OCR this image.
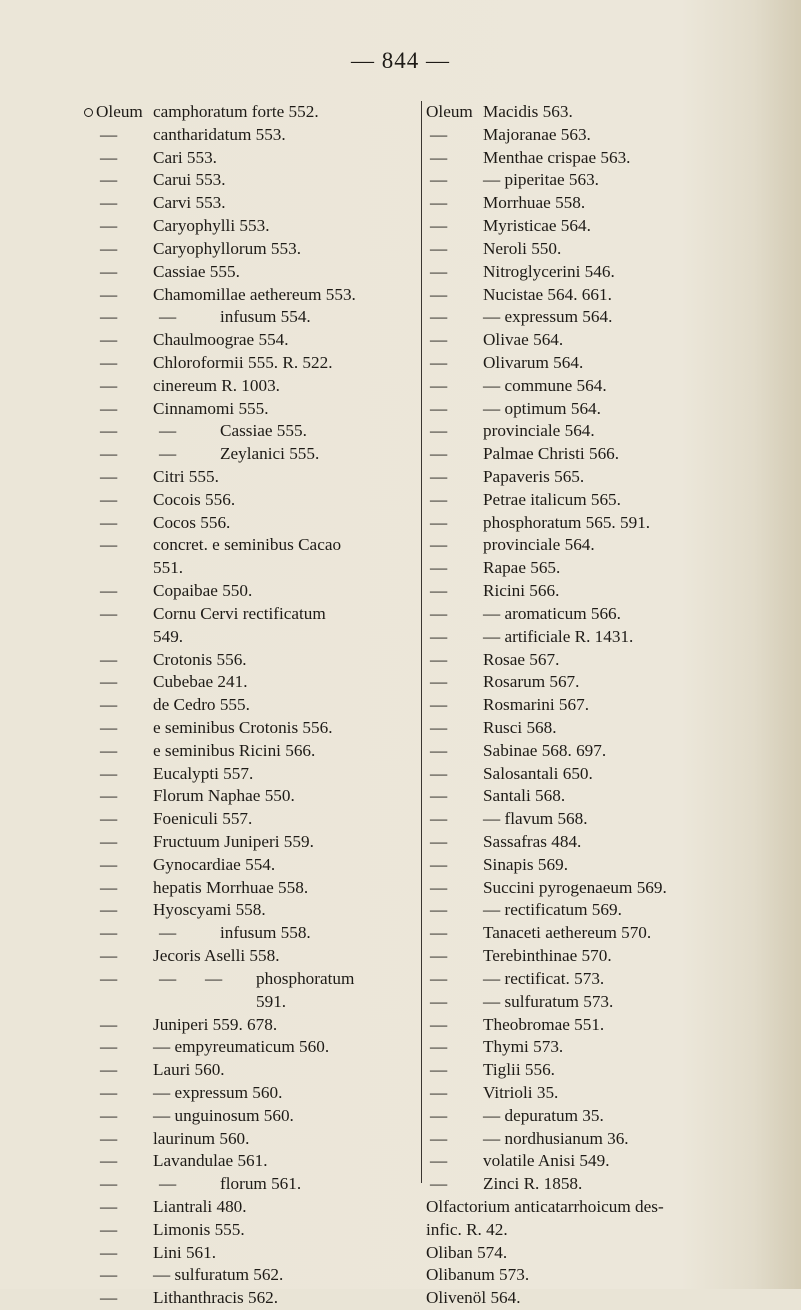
— 844 —
Oleum camphoratum forte 552.
— cantharidatum 553.
— Cari 553.
— Carui 553.
— Carvi 553.
— Caryophylli 553.
— Caryophyllorum 553.
— Cassiae 555.
— Chamomillae aethereum 553.
— —	infusum 554.
— Chaulmoograe 554.
— Chloroformii 555. R. 522.
— cinereum R. 1003.
— Cinnamomi 555.
— —	Cassiae 555.
— —	Zeylanici 555.
— Citri 555.
— Cocois 556.
— Cocos 556.
— concret. e seminibus Cacao
551.
— Copaibae 550.
— Cornu Cervi rectificatum
549.
— Crotonis 556.
— Cubebae 241.
— de Cedro 555.
— e seminibus Crotonis 556.
— e seminibus Ricini 566.
— Eucalypti 557.
— Florum Naphae 550.
— Foeniculi 557.
— Fructuum Juniperi 559.
— Gynocardiae 554.
— hepatis Morrhuae 558.
— Hyoscyami 558.
— —	infusum 558.
— Jecoris Aselli 558.
— — — phosphoratum
591.
— Juniperi 559. 678.
— — empyreumaticum 560.
— Lauri 560.
— — expressum 560.
— — unguinosum 560.
— laurinum 560.
— Lavandulae 561.
— —	florum 561.
— Liantrali 480.
— Limonis 555.
— Lini 561.
— — sulfuratum 562.
— Lithanthracis 562.
Oleum Macidis 563.
— Majoranae 563.
— Menthae crispae 563.
— — piperitae 563.
— Morrhuae 558.
— Myristicae 564.
— Neroli 550.
— Nitroglycerini 546.
— Nucistae 564. 661.
— — expressum 564.
— Olivae 564.
— Olivarum 564.
— — commune 564.
— — optimum 564.
— provinciale 564.
— Palmae Christi 566.
— Papaveris 565.
— Petrae italicum 565.
— phosphoratum 565. 591.
— provinciale 564.
— Rapae 565.
— Ricini 566.
— — aromaticum 566.
— — artificiale R. 1431.
— Rosae 567.
— Rosarum 567.
— Rosmarini 567.
— Rusci 568.
— Sabinae 568. 697.
— Salosantali 650.
— Santali 568.
— — flavum 568.
— Sassafras 484.
— Sinapis 569.
— Succini pyrogenaeum 569.
— — rectificatum 569.
— Tanaceti aethereum 570.
— Terebinthinae 570.
— — rectificat. 573.
— — sulfuratum 573.
— Theobromae 551.
— Thymi 573.
— Tiglii 556.
— Vitrioli 35.
— — depuratum 35.
— — nordhusianum 36.
— volatile Anisi 549.
— Zinci R. 1858.
Olfactorium anticatarrhoicum des-
infic. R. 42.
Oliban 574.
Olibanum 573.
Olivenöl 564.
